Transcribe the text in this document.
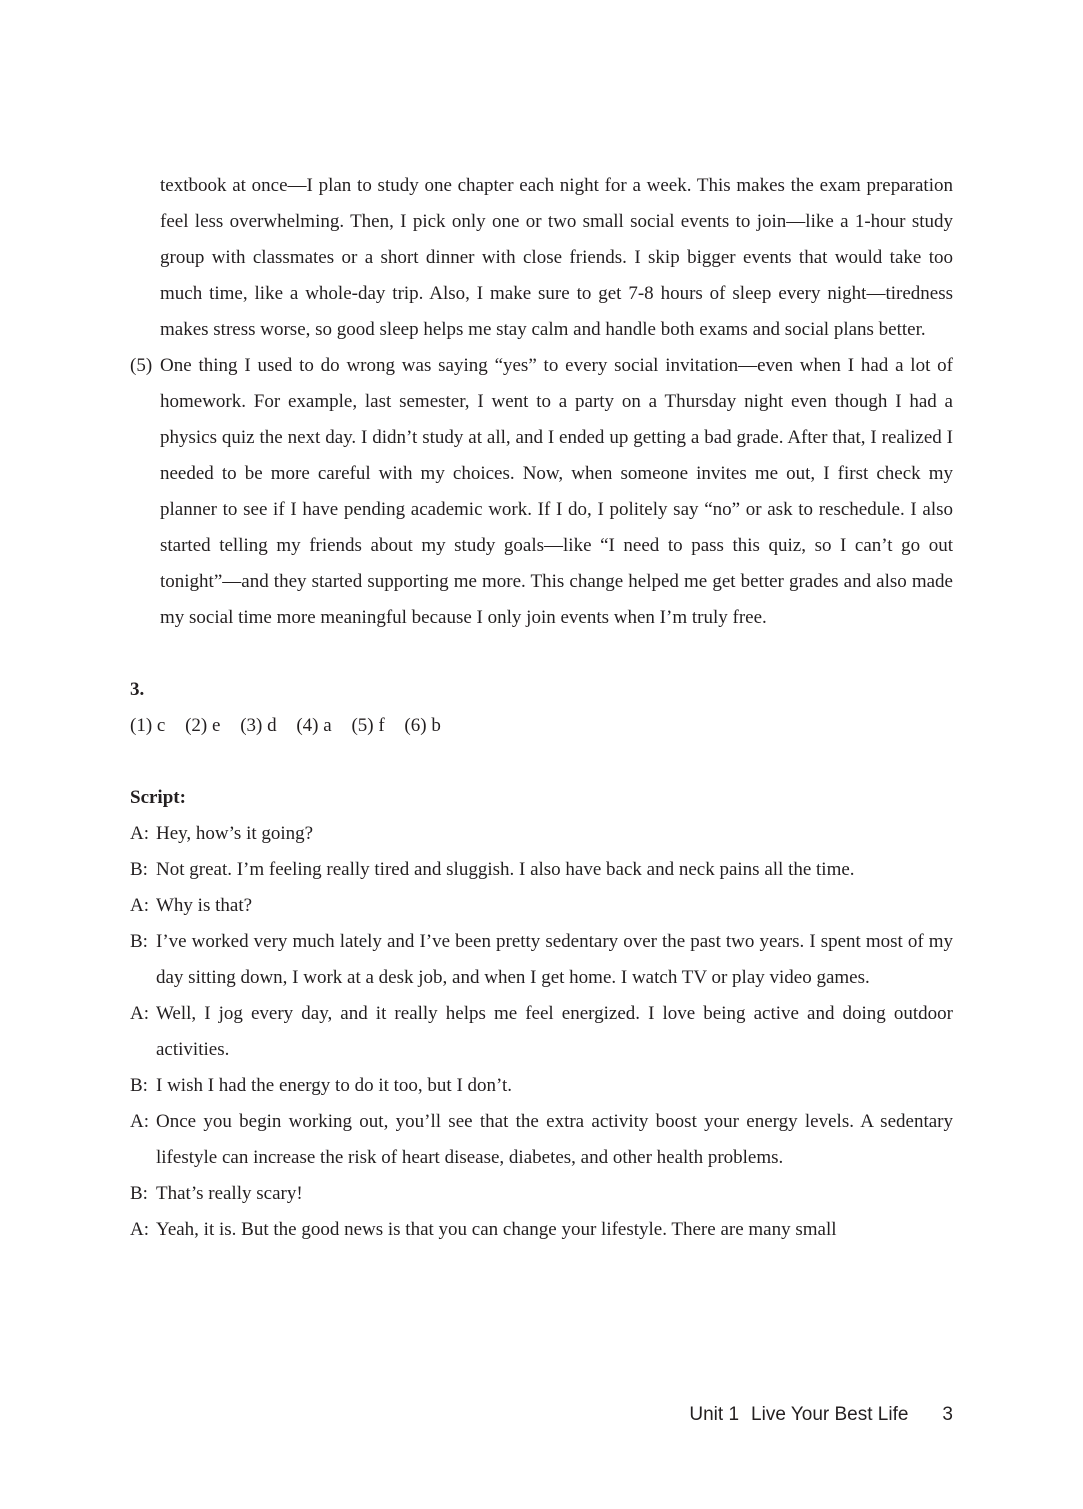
textbook at once—I plan to study one chapter each night for a week. This makes the exam preparation feel less overwhelming. Then, I pick only one or two small social events to join—like a 1-hour study group with classmates or a short dinner with close friends. I skip bigger events that would take too much time, like a whole-day trip. Also, I make sure to get 7-8 hours of sleep every night—tiredness makes stress worse, so good sleep helps me stay calm and handle both exams and social plans better.

(5) One thing I used to do wrong was saying “yes” to every social invitation—even when I had a lot of homework. For example, last semester, I went to a party on a Thursday night even though I had a physics quiz the next day. I didn’t study at all, and I ended up getting a bad grade. After that, I realized I needed to be more careful with my choices. Now, when someone invites me out, I first check my planner to see if I have pending academic work. If I do, I politely say “no” or ask to reschedule. I also started telling my friends about my study goals—like “I need to pass this quiz, so I can’t go out tonight”—and they started supporting me more. This change helped me get better grades and also made my social time more meaningful because I only join events when I’m truly free.
3.
(1) c (2) e (3) d (4) a (5) f (6) b
Script:
A: Hey, how’s it going?
B: Not great. I’m feeling really tired and sluggish. I also have back and neck pains all the time.
A: Why is that?
B: I’ve worked very much lately and I’ve been pretty sedentary over the past two years. I spent most of my day sitting down, I work at a desk job, and when I get home. I watch TV or play video games.
A: Well, I jog every day, and it really helps me feel energized. I love being active and doing outdoor activities.
B: I wish I had the energy to do it too, but I don’t.
A: Once you begin working out, you’ll see that the extra activity boost your energy levels. A sedentary lifestyle can increase the risk of heart disease, diabetes, and other health problems.
B: That’s really scary!
A: Yeah, it is. But the good news is that you can change your lifestyle. There are many small
Unit 1 Live Your Best Life 3
